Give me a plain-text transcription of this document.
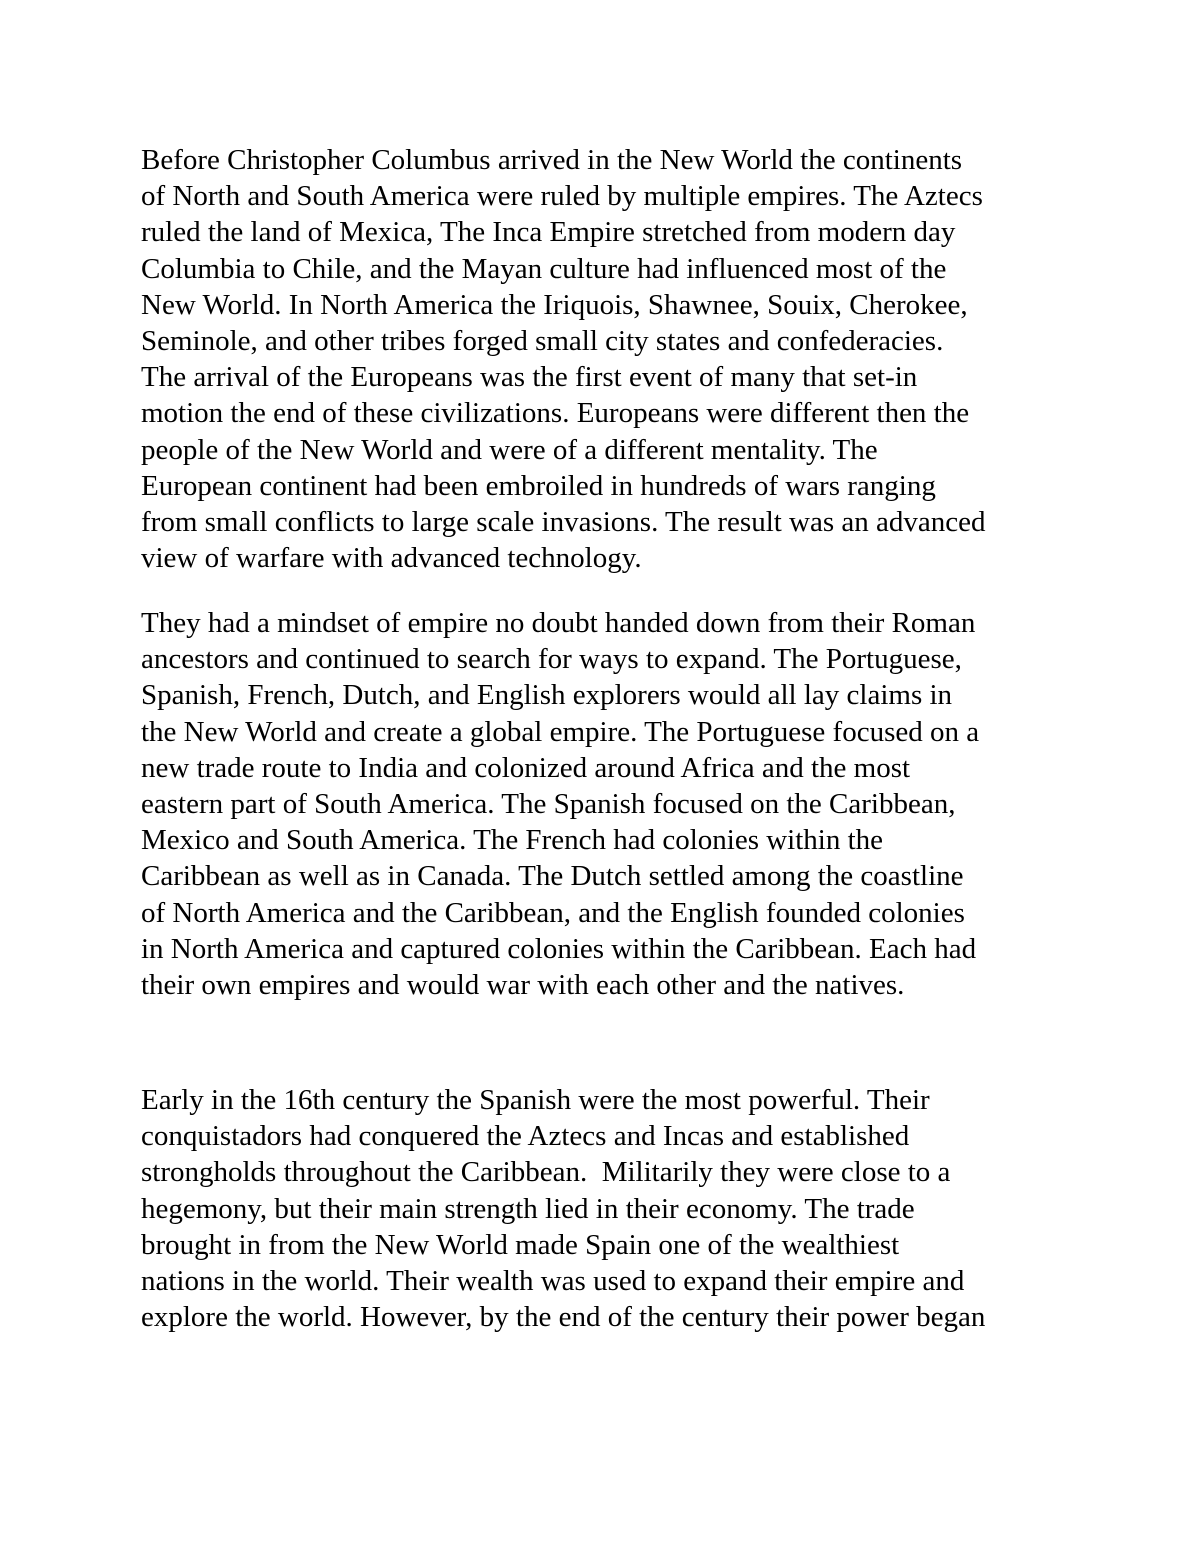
Before Christopher Columbus arrived in the New World the continents
of North and South America were ruled by multiple empires. The Aztecs
ruled the land of Mexica, The Inca Empire stretched from modern day
Columbia to Chile, and the Mayan culture had influenced most of the
New World. In North America the Iriquois, Shawnee, Souix, Cherokee,
Seminole, and other tribes forged small city states and confederacies.
The arrival of the Europeans was the first event of many that set-in
motion the end of these civilizations. Europeans were different then the
people of the New World and were of a different mentality. The
European continent had been embroiled in hundreds of wars ranging
from small conflicts to large scale invasions. The result was an advanced
view of warfare with advanced technology.
They had a mindset of empire no doubt handed down from their Roman
ancestors and continued to search for ways to expand. The Portuguese,
Spanish, French, Dutch, and English explorers would all lay claims in
the New World and create a global empire. The Portuguese focused on a
new trade route to India and colonized around Africa and the most
eastern part of South America. The Spanish focused on the Caribbean,
Mexico and South America. The French had colonies within the
Caribbean as well as in Canada. The Dutch settled among the coastline
of North America and the Caribbean, and the English founded colonies
in North America and captured colonies within the Caribbean. Each had
their own empires and would war with each other and the natives.
Early in the 16th century the Spanish were the most powerful. Their
conquistadors had conquered the Aztecs and Incas and established
strongholds throughout the Caribbean.  Militarily they were close to a
hegemony, but their main strength lied in their economy. The trade
brought in from the New World made Spain one of the wealthiest
nations in the world. Their wealth was used to expand their empire and
explore the world. However, by the end of the century their power began
